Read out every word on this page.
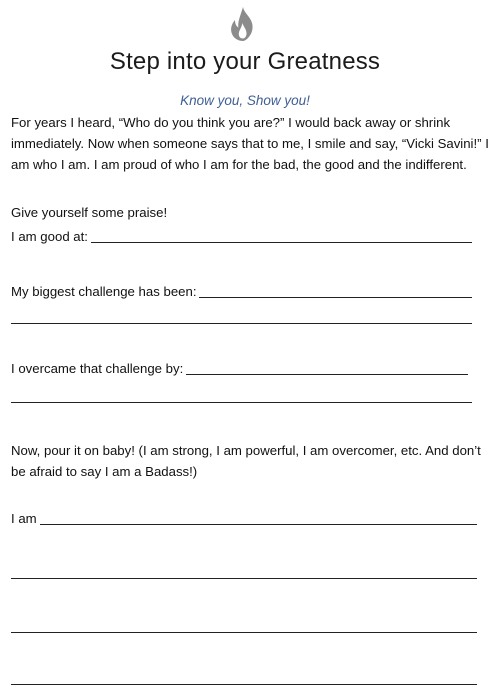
Step into your Greatness
Know you, Show you!

For years I heard, “Who do you think you are?” I would back away or shrink immediately. Now when someone says that to me, I smile and say, “Vicki Savini!” I am who I am. I am proud of who I am for the bad, the good and the indifferent.

Give yourself some praise!
I am good at:
My biggest challenge has been:
I overcame that challenge by:

Now, pour it on baby! (I am strong, I am powerful, I am overcomer, etc. And don’t be afraid to say I am a Badass!)

I am
